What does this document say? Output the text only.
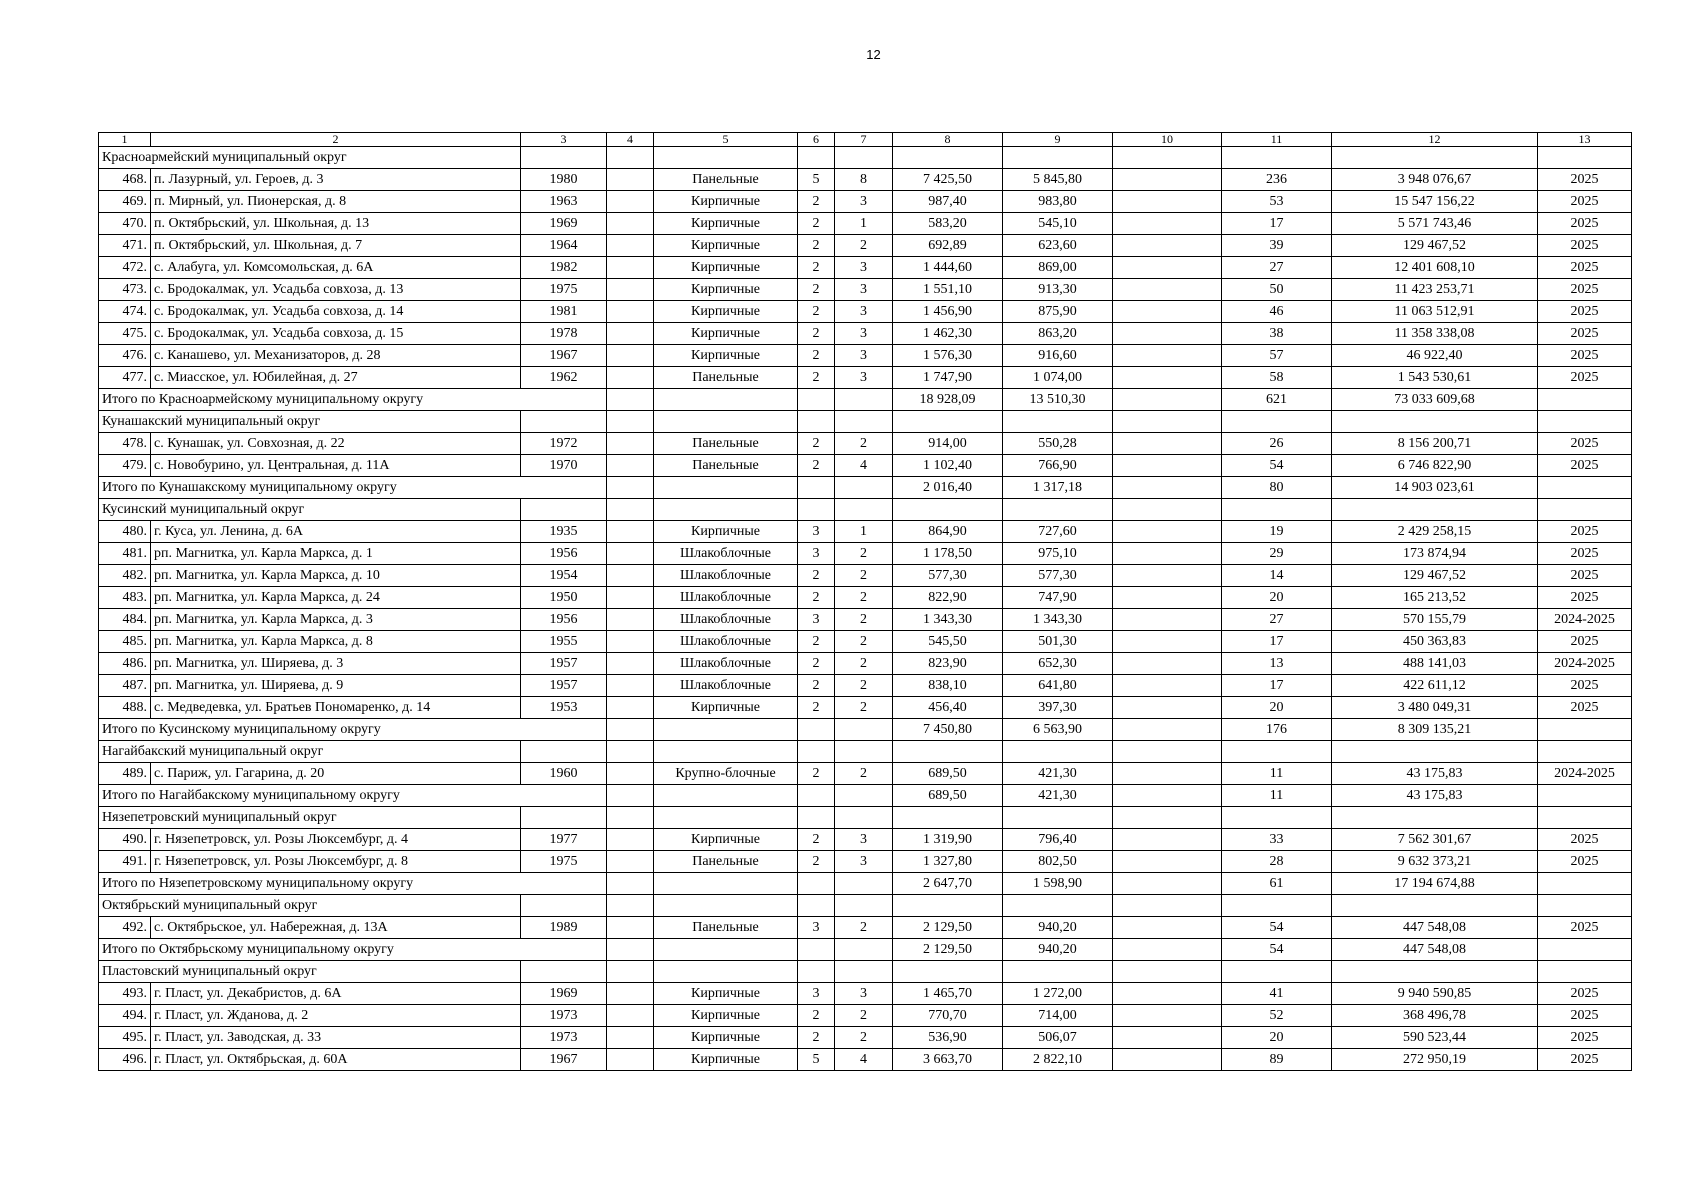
12
1	2	3	4	5	6	7	8	9	10	11	12	13
Красноармейский муниципальный округ												
468.	п. Лазурный, ул. Героев, д. 3	1980		Панельные	5	8	7 425,50	5 845,80		236	3 948 076,67	2025
469.	п. Мирный, ул. Пионерская, д. 8	1963		Кирпичные	2	3	987,40	983,80		53	15 547 156,22	2025
470.	п. Октябрьский, ул. Школьная, д. 13	1969		Кирпичные	2	1	583,20	545,10		17	5 571 743,46	2025
471.	п. Октябрьский, ул. Школьная, д. 7	1964		Кирпичные	2	2	692,89	623,60		39	129 467,52	2025
472.	с. Алабуга, ул. Комсомольская, д. 6А	1982		Кирпичные	2	3	1 444,60	869,00		27	12 401 608,10	2025
473.	с. Бродокалмак, ул. Усадьба совхоза, д. 13	1975		Кирпичные	2	3	1 551,10	913,30		50	11 423 253,71	2025
474.	с. Бродокалмак, ул. Усадьба совхоза, д. 14	1981		Кирпичные	2	3	1 456,90	875,90		46	11 063 512,91	2025
475.	с. Бродокалмак, ул. Усадьба совхоза, д. 15	1978		Кирпичные	2	3	1 462,30	863,20		38	11 358 338,08	2025
476.	с. Канашево, ул. Механизаторов, д. 28	1967		Кирпичные	2	3	1 576,30	916,60		57	46 922,40	2025
477.	с. Миасское, ул. Юбилейная, д. 27	1962		Панельные	2	3	1 747,90	1 074,00		58	1 543 530,61	2025
Итого по Красноармейскому муниципальному округу							18 928,09	13 510,30		621	73 033 609,68	
Кунашакский муниципальный округ												
478.	с. Кунашак, ул. Совхозная, д. 22	1972		Панельные	2	2	914,00	550,28		26	8 156 200,71	2025
479.	с. Новобурино, ул. Центральная, д. 11А	1970		Панельные	2	4	1 102,40	766,90		54	6 746 822,90	2025
Итого по Кунашакскому муниципальному округу							2 016,40	1 317,18		80	14 903 023,61	
Кусинский муниципальный округ												
480.	г. Куса, ул. Ленина, д. 6А	1935		Кирпичные	3	1	864,90	727,60		19	2 429 258,15	2025
481.	рп. Магнитка, ул. Карла Маркса, д. 1	1956		Шлакоблочные	3	2	1 178,50	975,10		29	173 874,94	2025
482.	рп. Магнитка, ул. Карла Маркса, д. 10	1954		Шлакоблочные	2	2	577,30	577,30		14	129 467,52	2025
483.	рп. Магнитка, ул. Карла Маркса, д. 24	1950		Шлакоблочные	2	2	822,90	747,90		20	165 213,52	2025
484.	рп. Магнитка, ул. Карла Маркса, д. 3	1956		Шлакоблочные	3	2	1 343,30	1 343,30		27	570 155,79	2024-2025
485.	рп. Магнитка, ул. Карла Маркса, д. 8	1955		Шлакоблочные	2	2	545,50	501,30		17	450 363,83	2025
486.	рп. Магнитка, ул. Ширяева, д. 3	1957		Шлакоблочные	2	2	823,90	652,30		13	488 141,03	2024-2025
487.	рп. Магнитка, ул. Ширяева, д. 9	1957		Шлакоблочные	2	2	838,10	641,80		17	422 611,12	2025
488.	с. Медведевка, ул. Братьев Пономаренко, д. 14	1953		Кирпичные	2	2	456,40	397,30		20	3 480 049,31	2025
Итого по Кусинскому муниципальному округу							7 450,80	6 563,90		176	8 309 135,21	
Нагайбакский муниципальный округ												
489.	с. Париж, ул. Гагарина, д. 20	1960		Крупно-блочные	2	2	689,50	421,30		11	43 175,83	2024-2025
Итого по Нагайбакскому муниципальному округу							689,50	421,30		11	43 175,83	
Нязепетровский муниципальный округ												
490.	г. Нязепетровск, ул. Розы Люксембург, д. 4	1977		Кирпичные	2	3	1 319,90	796,40		33	7 562 301,67	2025
491.	г. Нязепетровск, ул. Розы Люксембург, д. 8	1975		Панельные	2	3	1 327,80	802,50		28	9 632 373,21	2025
Итого по Нязепетровскому муниципальному округу							2 647,70	1 598,90		61	17 194 674,88	
Октябрьский муниципальный округ												
492.	с. Октябрьское, ул. Набережная, д. 13А	1989		Панельные	3	2	2 129,50	940,20		54	447 548,08	2025
Итого по Октябрьскому муниципальному округу							2 129,50	940,20		54	447 548,08	
Пластовский муниципальный округ												
493.	г. Пласт, ул. Декабристов, д. 6А	1969		Кирпичные	3	3	1 465,70	1 272,00		41	9 940 590,85	2025
494.	г. Пласт, ул. Жданова, д. 2	1973		Кирпичные	2	2	770,70	714,00		52	368 496,78	2025
495.	г. Пласт, ул. Заводская, д. 33	1973		Кирпичные	2	2	536,90	506,07		20	590 523,44	2025
496.	г. Пласт, ул. Октябрьская, д. 60А	1967		Кирпичные	5	4	3 663,70	2 822,10		89	272 950,19	2025
